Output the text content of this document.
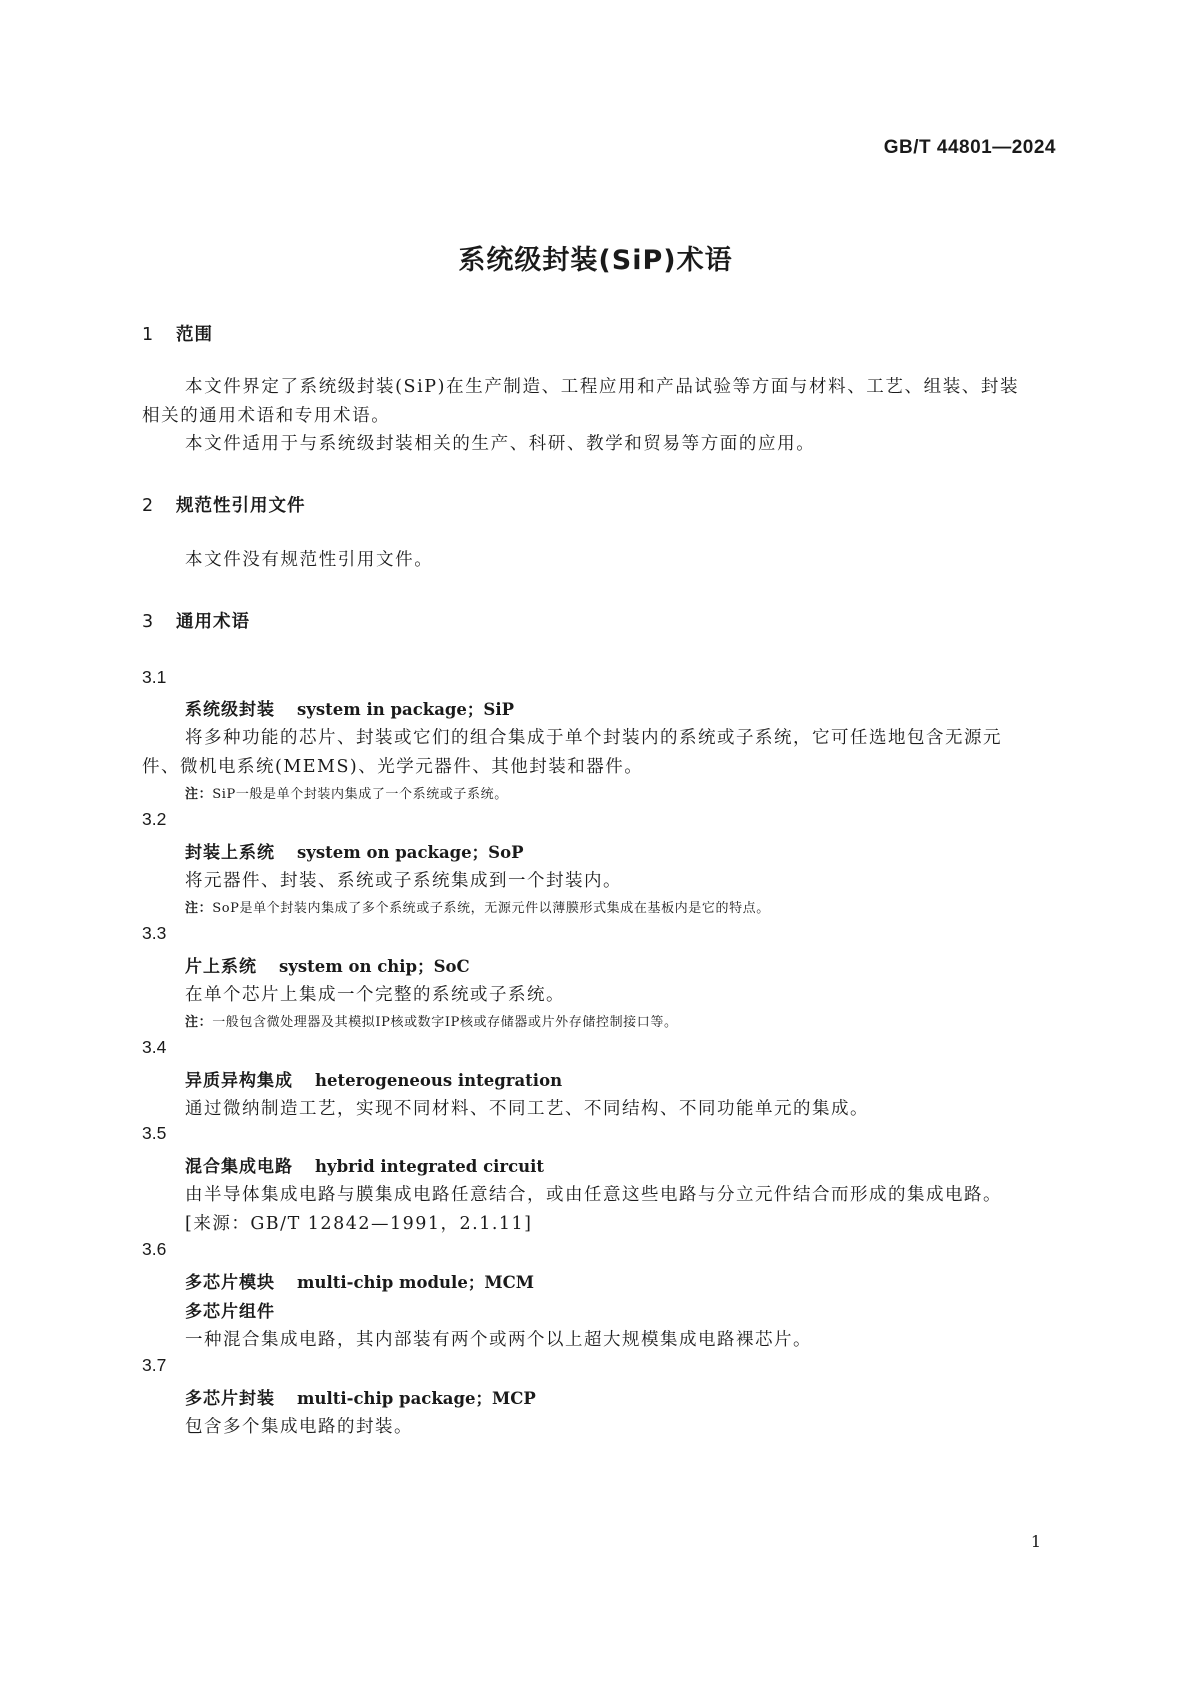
GB/T 44801—2024
系统级封装(SiP)术语
1 范围
本文件界定了系统级封装(SiP)在生产制造、工程应用和产品试验等方面与材料、工艺、组装、封装
相关的通用术语和专用术语。
本文件适用于与系统级封装相关的生产、科研、教学和贸易等方面的应用。
2 规范性引用文件
本文件没有规范性引用文件。
3 通用术语
3.1
系统级封装 system in package；SiP
将多种功能的芯片、封装或它们的组合集成于单个封装内的系统或子系统，它可任选地包含无源元
件、微机电系统(MEMS)、光学元器件、其他封装和器件。
注：SiP一般是单个封装内集成了一个系统或子系统。
3.2
封装上系统 system on package；SoP
将元器件、封装、系统或子系统集成到一个封装内。
注：SoP是单个封装内集成了多个系统或子系统，无源元件以薄膜形式集成在基板内是它的特点。
3.3
片上系统 system on chip；SoC
在单个芯片上集成一个完整的系统或子系统。
注：一般包含微处理器及其模拟IP核或数字IP核或存储器或片外存储控制接口等。
3.4
异质异构集成 heterogeneous integration
通过微纳制造工艺，实现不同材料、不同工艺、不同结构、不同功能单元的集成。
3.5
混合集成电路 hybrid integrated circuit
由半导体集成电路与膜集成电路任意结合，或由任意这些电路与分立元件结合而形成的集成电路。
[来源：GB/T 12842—1991，2.1.11]
3.6
多芯片模块 multi-chip module；MCM
多芯片组件
一种混合集成电路，其内部装有两个或两个以上超大规模集成电路裸芯片。
3.7
多芯片封装 multi-chip package；MCP
包含多个集成电路的封装。
1
